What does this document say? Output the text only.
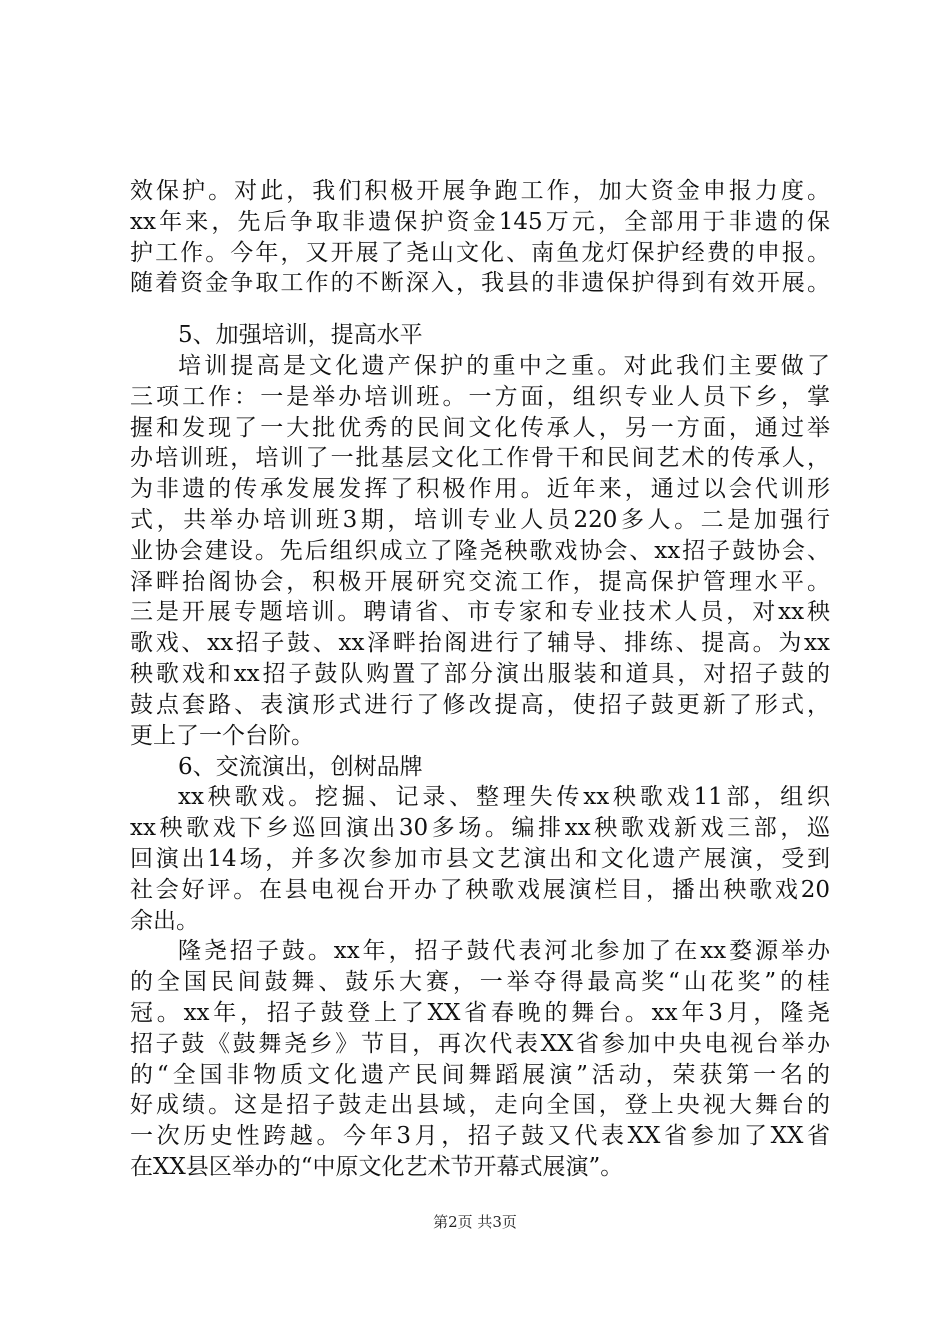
效保护。对此，我们积极开展争跑工作，加大资金申报力度。
xx年来，先后争取非遗保护资金145万元，全部用于非遗的保
护工作。今年，又开展了尧山文化、南鱼龙灯保护经费的申报。
随着资金争取工作的不断深入，我县的非遗保护得到有效开展。
5、加强培训，提高水平
培训提高是文化遗产保护的重中之重。对此我们主要做了
三项工作：一是举办培训班。一方面，组织专业人员下乡，掌
握和发现了一大批优秀的民间文化传承人，另一方面，通过举
办培训班，培训了一批基层文化工作骨干和民间艺术的传承人，
为非遗的传承发展发挥了积极作用。近年来，通过以会代训形
式，共举办培训班3期，培训专业人员220多人。二是加强行
业协会建设。先后组织成立了隆尧秧歌戏协会、xx招子鼓协会、
泽畔抬阁协会，积极开展研究交流工作，提高保护管理水平。
三是开展专题培训。聘请省、市专家和专业技术人员，对xx秧
歌戏、xx招子鼓、xx泽畔抬阁进行了辅导、排练、提高。为xx
秧歌戏和xx招子鼓队购置了部分演出服装和道具，对招子鼓的
鼓点套路、表演形式进行了修改提高，使招子鼓更新了形式，
更上了一个台阶。
6、交流演出，创树品牌
xx秧歌戏。挖掘、记录、整理失传xx秧歌戏11部，组织
xx秧歌戏下乡巡回演出30多场。编排xx秧歌戏新戏三部，巡
回演出14场，并多次参加市县文艺演出和文化遗产展演，受到
社会好评。在县电视台开办了秧歌戏展演栏目，播出秧歌戏20
余出。
隆尧招子鼓。xx年，招子鼓代表河北参加了在xx婺源举办
的全国民间鼓舞、鼓乐大赛，一举夺得最高奖“山花奖”的桂
冠。xx年，招子鼓登上了XX省春晚的舞台。xx年3月，隆尧
招子鼓《鼓舞尧乡》节目，再次代表XX省参加中央电视台举办
的“全国非物质文化遗产民间舞蹈展演”活动，荣获第一名的
好成绩。这是招子鼓走出县域，走向全国，登上央视大舞台的
一次历史性跨越。今年3月，招子鼓又代表XX省参加了XX省
在XX县区举办的“中原文化艺术节开幕式展演”。
第2页 共3页
